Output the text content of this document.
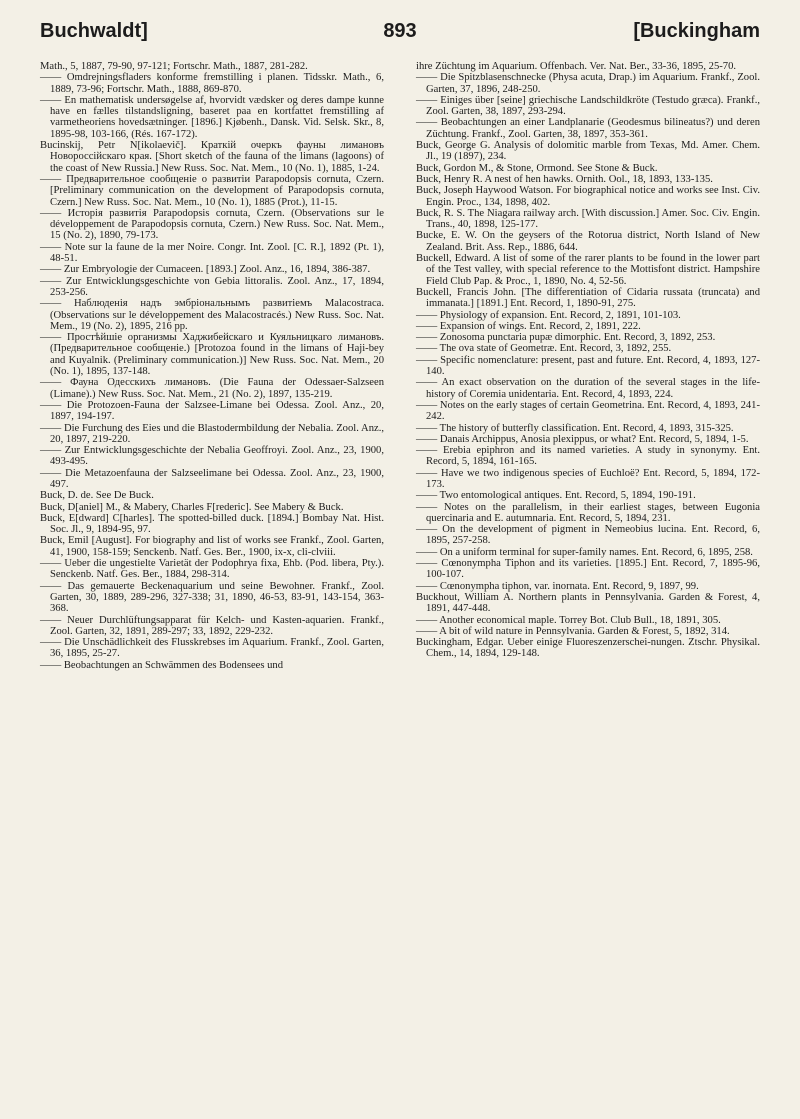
Buchwaldt]	893	[Buckingham

Math., 5, 1887, 79-90, 97-121; Fortschr. Math., 1887, 281-282.

—— Omdrejningsfladers konforme fremstilling i planen. Tidsskr. Math., 6, 1889, 73-96; Fortschr. Math., 1888, 869-870.

—— En mathematisk undersøgelse af, hvorvidt vædsker og deres dampe kunne have en fælles tilstandsligning, baseret paa en kortfattet fremstilling af varmetheoriens hovedsætninger. [1896.] Kjøbenh., Dansk. Vid. Selsk. Skr., 8, 1895-98, 103-166, (Rés. 167-172).

Bucinskij, Petr N[ikolaevič]. Краткій очеркъ фауны лимановъ Новороссійскаго края. [Short sketch of the fauna of the limans (lagoons) of the coast of New Russia.] New Russ. Soc. Nat. Mem., 10 (No. 1), 1885, 1-24.

—— Предварительное сообщеніе о развитіи Parapodopsis cornuta, Czern. [Preliminary communication on the development of Parapodopsis cornuta, Czern.] New Russ. Soc. Nat. Mem., 10 (No. 1), 1885 (Prot.), 11-15.

—— Исторія развитія Parapodopsis cornuta, Czern. (Observations sur le développement de Parapodopsis cornuta, Czern.) New Russ. Soc. Nat. Mem., 15 (No. 2), 1890, 79-173.

—— Note sur la faune de la mer Noire. Congr. Int. Zool. [C. R.], 1892 (Pt. 1), 48-51.

—— Zur Embryologie der Cumaceen. [1893.] Zool. Anz., 16, 1894, 386-387.

—— Zur Entwicklungsgeschichte von Gebia littoralis. Zool. Anz., 17, 1894, 253-256.

—— Наблюденія надъ эмбріональнымъ развитіемъ Malacostraca. (Observations sur le développement des Malacostracés.) New Russ. Soc. Nat. Mem., 19 (No. 2), 1895, 216 pp.

—— Простѣйшіе организмы Хаджибейскаго и Куяльницкаго лимановъ. (Предварительное сообщеніе.) [Protozoa found in the limans of Haji-bey and Kuyalnik. (Preliminary communication.)] New Russ. Soc. Nat. Mem., 20 (No. 1), 1895, 137-148.

—— Фауна Одесскихъ лимановъ. (Die Fauna der Odessaer-Salzseen (Limane).) New Russ. Soc. Nat. Mem., 21 (No. 2), 1897, 135-219.

—— Die Protozoen-Fauna der Salzsee-Limane bei Odessa. Zool. Anz., 20, 1897, 194-197.

—— Die Furchung des Eies und die Blastodermbildung der Nebalia. Zool. Anz., 20, 1897, 219-220.

—— Zur Entwicklungsgeschichte der Nebalia Geoffroyi. Zool. Anz., 23, 1900, 493-495.

—— Die Metazoenfauna der Salzseelimane bei Odessa. Zool. Anz., 23, 1900, 497.

Buck, D. de. See De Buck.

Buck, D[aniel] M., & Mabery, Charles F[rederic]. See Mabery & Buck.

Buck, E[dward] C[harles]. The spotted-billed duck. [1894.] Bombay Nat. Hist. Soc. Jl., 9, 1894-95, 97.

Buck, Emil [August]. For biography and list of works see Frankf., Zool. Garten, 41, 1900, 158-159; Senckenb. Natf. Ges. Ber., 1900, ix-x, cli-clviii.

—— Ueber die ungestielte Varietät der Podophrya fixa, Ehb. (Pod. libera, Pty.). Senckenb. Natf. Ges. Ber., 1884, 298-314.

—— Das gemauerte Beckenaquarium und seine Bewohner. Frankf., Zool. Garten, 30, 1889, 289-296, 327-338; 31, 1890, 46-53, 83-91, 143-154, 363-368.

—— Neuer Durchlüftungsapparat für Kelch- und Kasten-aquarien. Frankf., Zool. Garten, 32, 1891, 289-297; 33, 1892, 229-232.

—— Die Unschädlichkeit des Flusskrebses im Aquarium. Frankf., Zool. Garten, 36, 1895, 25-27.

—— Beobachtungen an Schwämmen des Bodensees und

ihre Züchtung im Aquarium. Offenbach. Ver. Nat. Ber., 33-36, 1895, 25-70.

—— Die Spitzblasenschnecke (Physa acuta, Drap.) im Aquarium. Frankf., Zool. Garten, 37, 1896, 248-250.

—— Einiges über [seine] griechische Landschildkröte (Testudo græca). Frankf., Zool. Garten, 38, 1897, 293-294.

—— Beobachtungen an einer Landplanarie (Geodesmus bilineatus?) und deren Züchtung. Frankf., Zool. Garten, 38, 1897, 353-361.

Buck, George G. Analysis of dolomitic marble from Texas, Md. Amer. Chem. Jl., 19 (1897), 234.

Buck, Gordon M., & Stone, Ormond. See Stone & Buck.

Buck, Henry R. A nest of hen hawks. Ornith. Ool., 18, 1893, 133-135.

Buck, Joseph Haywood Watson. For biographical notice and works see Inst. Civ. Engin. Proc., 134, 1898, 402.

Buck, R. S. The Niagara railway arch. [With discussion.] Amer. Soc. Civ. Engin. Trans., 40, 1898, 125-177.

Bucke, E. W. On the geysers of the Rotorua district, North Island of New Zealand. Brit. Ass. Rep., 1886, 644.

Buckell, Edward. A list of some of the rarer plants to be found in the lower part of the Test valley, with special reference to the Mottisfont district. Hampshire Field Club Pap. & Proc., 1, 1890, No. 4, 52-56.

Buckell, Francis John. [The differentiation of Cidaria russata (truncata) and immanata.] [1891.] Ent. Record, 1, 1890-91, 275.

—— Physiology of expansion. Ent. Record, 2, 1891, 101-103.

—— Expansion of wings. Ent. Record, 2, 1891, 222.

—— Zonosoma punctaria pupæ dimorphic. Ent. Record, 3, 1892, 253.

—— The ova state of Geometræ. Ent. Record, 3, 1892, 255.

—— Specific nomenclature: present, past and future. Ent. Record, 4, 1893, 127-140.

—— An exact observation on the duration of the several stages in the life-history of Coremia unidentaria. Ent. Record, 4, 1893, 224.

—— Notes on the early stages of certain Geometrina. Ent. Record, 4, 1893, 241-242.

—— The history of butterfly classification. Ent. Record, 4, 1893, 315-325.

—— Danais Archippus, Anosia plexippus, or what? Ent. Record, 5, 1894, 1-5.

—— Erebia epiphron and its named varieties. A study in synonymy. Ent. Record, 5, 1894, 161-165.

—— Have we two indigenous species of Euchloë? Ent. Record, 5, 1894, 172-173.

—— Two entomological antiques. Ent. Record, 5, 1894, 190-191.

—— Notes on the parallelism, in their earliest stages, between Eugonia quercinaria and E. autumnaria. Ent. Record, 5, 1894, 231.

—— On the development of pigment in Nemeobius lucina. Ent. Record, 6, 1895, 257-258.

—— On a uniform terminal for super-family names. Ent. Record, 6, 1895, 258.

—— Cœnonympha Tiphon and its varieties. [1895.] Ent. Record, 7, 1895-96, 100-107.

—— Cœnonympha tiphon, var. inornata. Ent. Record, 9, 1897, 99.

Buckhout, William A. Northern plants in Pennsylvania. Garden & Forest, 4, 1891, 447-448.

—— Another economical maple. Torrey Bot. Club Bull., 18, 1891, 305.

—— A bit of wild nature in Pennsylvania. Garden & Forest, 5, 1892, 314.

Buckingham, Edgar. Ueber einige Fluoreszenzerschei-nungen. Ztschr. Physikal. Chem., 14, 1894, 129-148.
